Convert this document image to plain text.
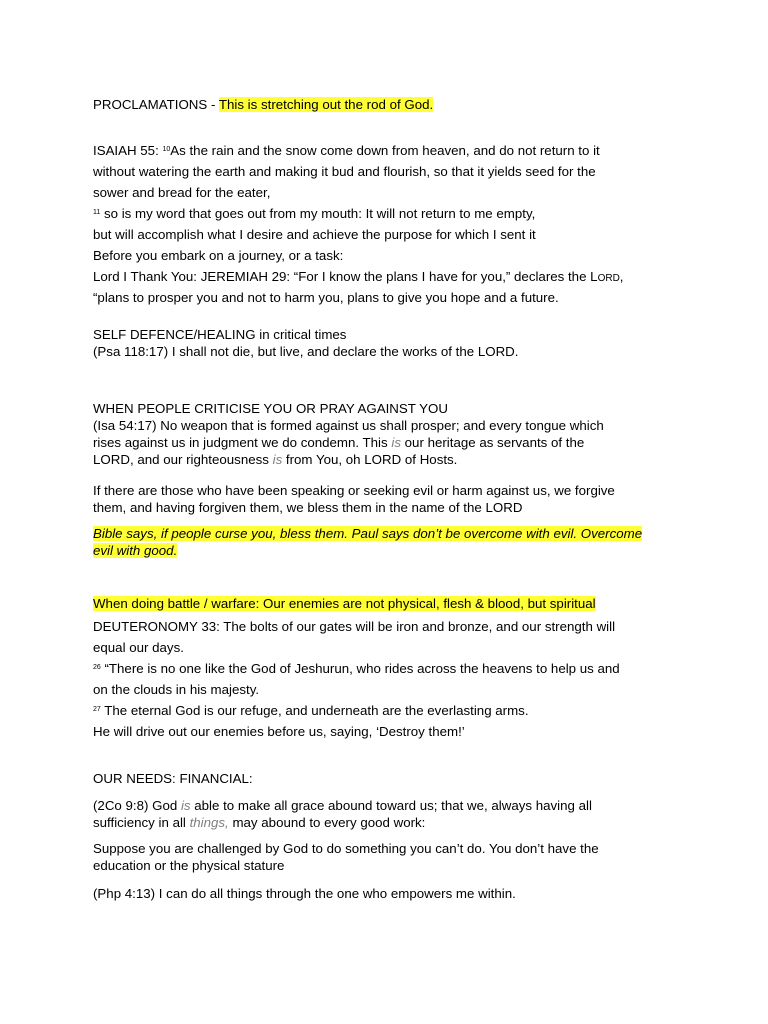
PROCLAMATIONS - This is stretching out the rod of God.
ISAIAH 55: $^{10}$As the rain and the snow come down from heaven, and do not return to it
without watering the earth and making it bud and flourish, so that it yields seed for the
sower and bread for the eater,
$^{11}$ so is my word that goes out from my mouth: It will not return to me empty,
but will accomplish what I desire and achieve the purpose for which I sent it
Before you embark on a journey, or a task:
Lord I Thank You: JEREMIAH 29: “For I know the plans I have for you,” declares the LORD,
“plans to prosper you and not to harm you, plans to give you hope and a future.
SELF DEFENCE/HEALING in critical times
(Psa 118:17) I shall not die, but live, and declare the works of the LORD.
WHEN PEOPLE CRITICISE YOU OR PRAY AGAINST YOU
(Isa 54:17) No weapon that is formed against us shall prosper; and every tongue which
rises against us in judgment we do condemn. This is our heritage as servants of the
LORD, and our righteousness is from You, oh LORD of Hosts.
If there are those who have been speaking or seeking evil or harm against us, we forgive
them, and having forgiven them, we bless them in the name of the LORD
Bible says, if people curse you, bless them. Paul says don’t be overcome with evil. Overcome
evil with good.
When doing battle / warfare: Our enemies are not physical, flesh & blood, but spiritual
DEUTERONOMY 33: The bolts of our gates will be iron and bronze, and our strength will
equal our days.
$^{26}$ “There is no one like the God of Jeshurun, who rides across the heavens to help us and
on the clouds in his majesty.
$^{27}$ The eternal God is our refuge, and underneath are the everlasting arms.
He will drive out our enemies before us, saying, ‘Destroy them!’
OUR NEEDS: FINANCIAL:
(2Co 9:8) God is able to make all grace abound toward us; that we, always having all
sufficiency in all things, may abound to every good work:
Suppose you are challenged by God to do something you can’t do. You don’t have the
education or the physical stature
(Php 4:13) I can do all things through the one who empowers me within.
